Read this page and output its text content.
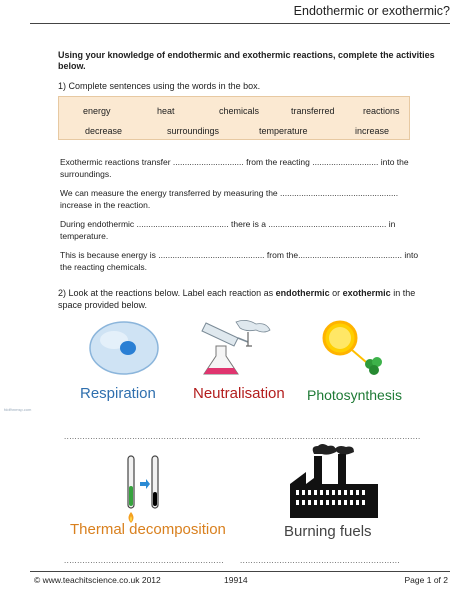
Endothermic or exothermic?
Using your knowledge of endothermic and exothermic reactions, complete the activities below.
1) Complete sentences using the words in the box.
energy	heat	chemicals	transferred	reactions
decrease	surroundings	temperature	increase
Exothermic reactions transfer .............................. from the reacting ............................ into the surroundings.
We can measure the energy transferred by measuring the .................................................. increase in the reaction.
During endothermic ....................................... there is a .................................................. in temperature.
This is because energy is ............................................. from the............................................ into the reacting chemicals.
2) Look at the reactions below. Label each reaction as endothermic or exothermic in the space provided below.
Respiration Neutralisation Photosynthesis
..............................................
..............................................
..............................................
fddfhnmsp.com
Thermal decomposition	Burning fuels
............................................................. .............................................................
© www.teachitscience.co.uk 2012	19914	Page 1 of 2
